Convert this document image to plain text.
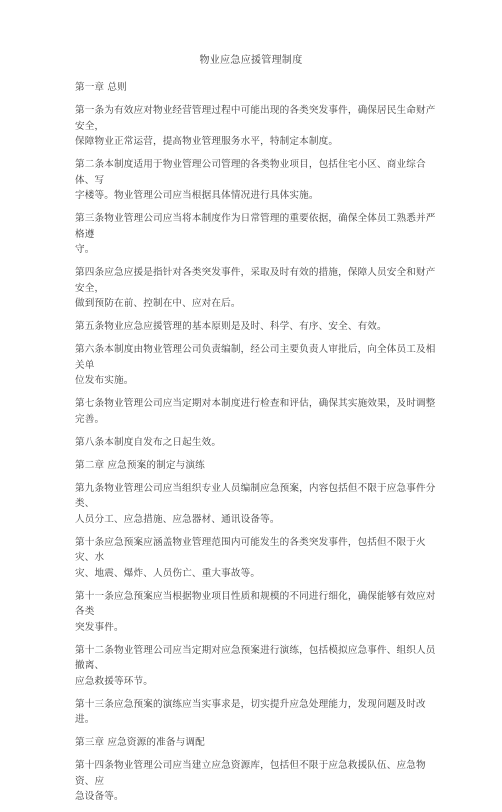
物业应急应援管理制度
第一章 总则
第一条为有效应对物业经营管理过程中可能出现的各类突发事件，确保居民生命财产安全，
保障物业正常运营，提高物业管理服务水平，特制定本制度。
第二条本制度适用于物业管理公司管理的各类物业项目，包括住宅小区、商业综合体、写
字楼等。物业管理公司应当根据具体情况进行具体实施。
第三条物业管理公司应当将本制度作为日常管理的重要依据，确保全体员工熟悉并严格遵
守。
第四条应急应援是指针对各类突发事件，采取及时有效的措施，保障人员安全和财产安全，
做到预防在前、控制在中、应对在后。
第五条物业应急应援管理的基本原则是及时、科学、有序、安全、有效。
第六条本制度由物业管理公司负责编制，经公司主要负责人审批后，向全体员工及相关单
位发布实施。
第七条物业管理公司应当定期对本制度进行检查和评估，确保其实施效果，及时调整完善。
第八条本制度自发布之日起生效。
第二章 应急预案的制定与演练
第九条物业管理公司应当组织专业人员编制应急预案，内容包括但不限于应急事件分类、
人员分工、应急措施、应急器材、通讯设备等。
第十条应急预案应涵盖物业管理范围内可能发生的各类突发事件，包括但不限于火灾、水
灾、地震、爆炸、人员伤亡、重大事故等。
第十一条应急预案应当根据物业项目性质和规模的不同进行细化，确保能够有效应对各类
突发事件。
第十二条物业管理公司应当定期对应急预案进行演练，包括模拟应急事件、组织人员撤离、
应急救援等环节。
第十三条应急预案的演练应当实事求是，切实提升应急处理能力，发现问题及时改进。
第三章 应急资源的准备与调配
第十四条物业管理公司应当建立应急资源库，包括但不限于应急救援队伍、应急物资、应
急设备等。
